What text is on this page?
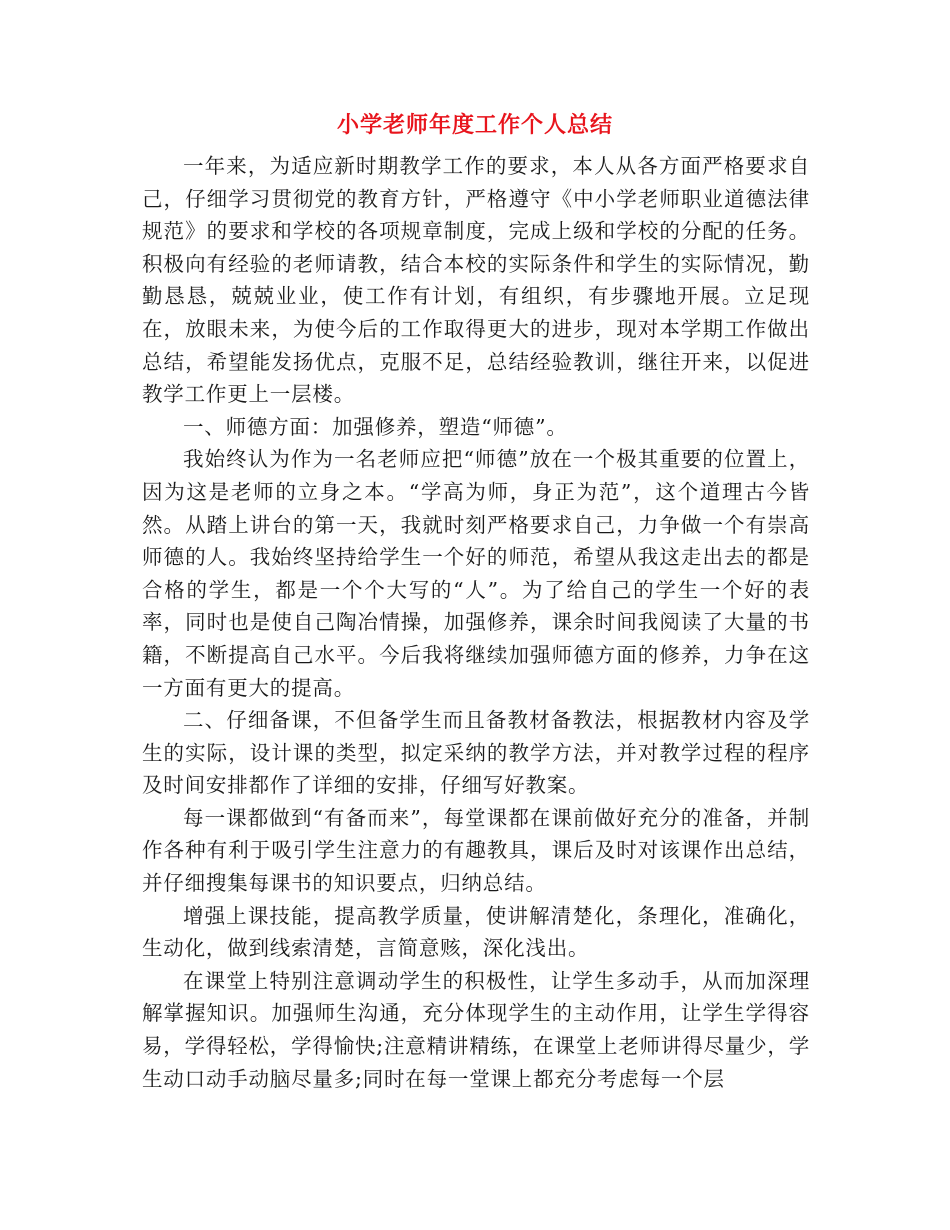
小学老师年度工作个人总结

一年来，为适应新时期教学工作的要求，本人从各方面严格要求自己，仔细学习贯彻党的教育方针，严格遵守《中小学老师职业道德法律规范》的要求和学校的各项规章制度，完成上级和学校的分配的任务。积极向有经验的老师请教，结合本校的实际条件和学生的实际情况，勤勤恳恳，兢兢业业，使工作有计划，有组织，有步骤地开展。立足现在，放眼未来，为使今后的工作取得更大的进步，现对本学期工作做出总结，希望能发扬优点，克服不足，总结经验教训，继往开来，以促进教学工作更上一层楼。

一、师德方面：加强修养，塑造“师德”。

我始终认为作为一名老师应把“师德”放在一个极其重要的位置上，因为这是老师的立身之本。“学高为师，身正为范”，这个道理古今皆然。从踏上讲台的第一天，我就时刻严格要求自己，力争做一个有崇高师德的人。我始终坚持给学生一个好的师范，希望从我这走出去的都是合格的学生，都是一个个大写的“人”。为了给自己的学生一个好的表率，同时也是使自己陶冶情操，加强修养，课余时间我阅读了大量的书籍，不断提高自己水平。今后我将继续加强师德方面的修养，力争在这一方面有更大的提高。

二、仔细备课，不但备学生而且备教材备教法，根据教材内容及学生的实际，设计课的类型，拟定采纳的教学方法，并对教学过程的程序及时间安排都作了详细的安排，仔细写好教案。

每一课都做到“有备而来”，每堂课都在课前做好充分的准备，并制作各种有利于吸引学生注意力的有趣教具，课后及时对该课作出总结，并仔细搜集每课书的知识要点，归纳总结。

增强上课技能，提高教学质量，使讲解清楚化，条理化，准确化，生动化，做到线索清楚，言简意赅，深化浅出。

在课堂上特别注意调动学生的积极性，让学生多动手，从而加深理解掌握知识。加强师生沟通，充分体现学生的主动作用，让学生学得容易，学得轻松，学得愉快;注意精讲精练，在课堂上老师讲得尽量少，学生动口动手动脑尽量多;同时在每一堂课上都充分考虑每一个层
